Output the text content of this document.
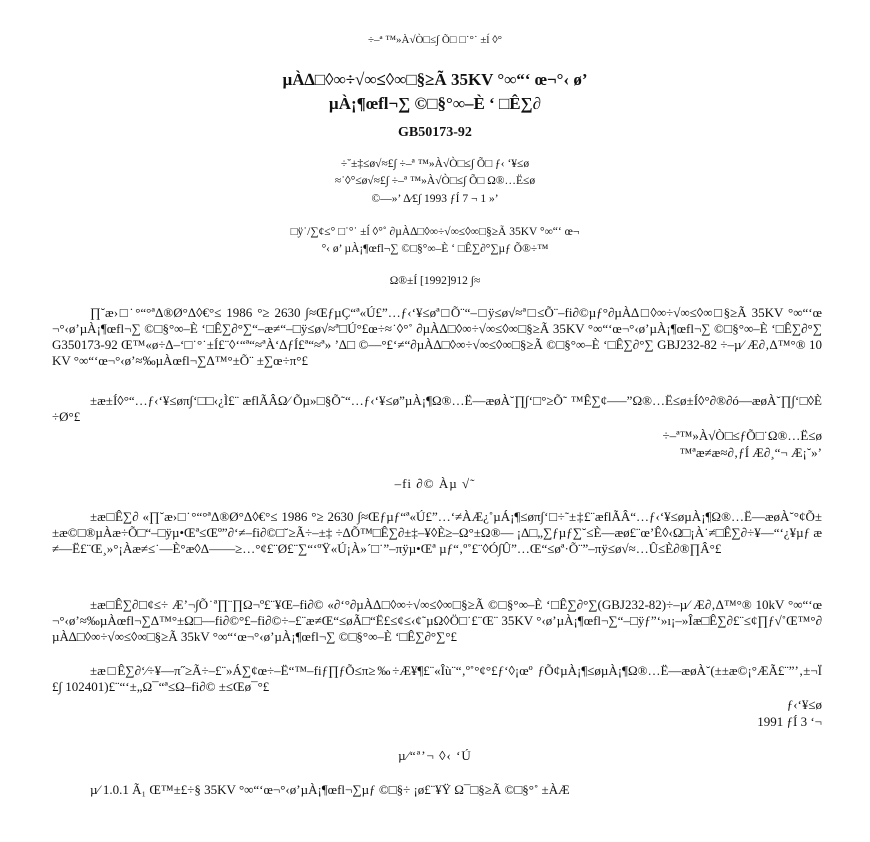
÷–ª ™»À√Ò□≤∫ Õ□ □˙°˙ ±ĺ ◊°
µÀ∆□◊∞÷√∞≤◊∞□§≥Ã 35KV °∞“‘ œ¬°‹ ø’
µÀ¡¶œfl¬∑ ©□§°∞–È ‘ □Ê∑∂
GB50173-92
÷˘±‡≤ø√≈£∫ ÷–ª ™»À√Ò□≤∫ Õ□ ƒ‹ ‘¥≤ø
≈˙◊°≤ø√≈£∫ ÷–ª ™»À√Ò□≤∫ Õ□ Ω®…Ë≤ø
©––»’ ∆⁄£∫ 1993 ƒÍ 7 ¬ 1 »’
□ÿ˙/∑¢≤° □˙°˙ ±ĺ ◊°˚ ∂µÀ∆□◊∞÷√∞≤◊∞□§≥Ã 35KV °∞“‘ œ¬
°‹ ø’ µÀ¡¶œfl¬∑ ©□§°∞–È ‘ □Ê∑∂°∑µƒ Õ®÷™
Ω®±Í [1992]912 ∫≈

∏˘æ›□˙°“°ªΔ®Ø°Δ◊€°≤ 1986 °≥ 2630 ∫≈ŒƒµÇ“ª«Ú£”…ƒ‹‘¥≤øª□Õ¨“–□ÿ≤ø√≈ª□≤Õ¨–fi∂©µƒ°∂µÀ∆□◊∞÷√∞≤◊∞□§≥Ã 35KV °∞“‘œ¬°‹ø’µÀ¡¶œfl¬∑ ©□§°∞–È ‘□Ê∑∂°∑“–æ≠“–□ÿ≤ø√≈ª□Ú°£œ÷≈˙◊°˚ ∂µÀ∆□◊∞÷√∞≤◊∞□§≥Ã 35KV °∞“‘œ¬°‹ø’µÀ¡¶œfl¬∑ ©□§°∞–È ‘□Ê∑∂°∑ G350173-92 Œ™«ø÷∆–‘□˙°˙±Í£¨◊‘“ª“≈ªÀ‘∆ƒÍ£ª“≈ª» ’∆□ ©––°£‘≠“∂µÀ∆□◊∞÷√∞≤◊∞□§≥Ã ©□§°∞–È ‘□Ê∑∂°∑ GBJ232-82 ÷–µ⁄ Æ∂‚Δ™°® 10KV °∞“‘œ¬°‹ø’≈‰µÀœfl¬∑Δ™°±Õ¨ ±∑œ÷π°£

±æ±Í◊°“…ƒ‹‘¥≤øπ∫‘□□‹¿Ì£¨ æflÃÂΩ⁄ Õµ»□§Õ˜“…ƒ‹‘¥≤ø”µÀ¡¶Ω®…Ë––æøÀ˘∏∫‘□°≥Õ˜ ™Ê∑¢–––”Ω®…Ë≤ø±Í◊°∂®∂ó––æøÀ˘∏∫‘□◊È÷Ø°£

÷–ª™»À√Ò□≤ƒÕ□˙Ω®…Ë≤ø
™ªæ≠æ≈∂‚ƒÍ Æ∂¸“¬ Æ¡˘»’
–fi ∂© Àµ √˜

±æ□Ê∑∂ «∏˘æ›□˙°“°ªΔ®Ø°Δ◊€°≤ 1986 °≥ 2630 ∫≈Œƒµƒ“ª«Ú£”…‘≠ÀÆ¿˚µÁ¡¶≤øπ∫‘□÷˜±‡£¨æflÃÂ“…ƒ‹‘¥≤øµÀ¡¶Ω®…Ë––æøÀ˘°¢Õ±±æ©□®µÀæ÷Õ□“–□ÿµ•Œª≤Œº”∂‘≠–fi∂©□˘≥Ã÷–±‡ ÷∆Õ™□Ê∑∂±‡–¥◊È≥–Ω°±Ω®–– ¡Δ□„∑ƒµƒ∑˘≤È––æø£¨œ’Ê◊‹Ω□¡À˙≠□Ê∑∂÷¥––“‘¿¥µƒ æ≠—Ë£¨Œ¸»°¡Àæ≠≤˙—È°æ◊Δ——≥…°¢£¨Ø£¨∑“‘ºŸ«Ú¡À»´□˙”–πÿµ•Œª µƒ“‚º˚£¨◊Ó∫Û”…Œ“≤øª·Õ¨”–πÿ≤ø√≈…Û≤È∂®∏Â°£

±æ□Ê∑∂□¢≤÷ Æ’¬∫Õ˙ª∏¨∏Ω¬º£¨¥Œ–fi∂© «∂‘°∂µÀ∆□◊∞÷√∞≤◊∞□§≥Ã ©□§°∞–È ‘□Ê∑∂°∑(GBJ232-82)÷–µ⁄ Æ∂‚Δ™°® 10kV °∞“‘œ¬°‹ø’≈‰µÀœfl¬∑Δ™°±Ω□––fi∂©°£–fi∂©÷–£¨æ≠Œ“≤øÃ□“Ë£≤¢≤‹¢˜µΩ◊Ö□˙£¨Œ¨ 35KV °‹ø’µÀ¡¶œfl¬∑“–□ÿƒ”‘»ı¡–»Îæ□Ê∑∂£¨≤¢∏ƒ√˚Œ™°∂µÀ∆□◊∞÷√∞≤◊∞□§≥Ã 35kV °∞“‘œ¬°‹ø’µÀ¡¶œfl¬∑ ©□§°∞–È ‘□Ê∑∂°∑°£

±æ□Ê∑∂‘⁄÷¥––π˝≥Ã÷–£¨»Á∑¢œ÷–Ë“™–fiƒ∏ƒÕ≤π≥‰÷Æ¥¶£¨«Îù¨“‚º˚°¢°£ƒ‘◊¡œº ƒÕ¢µÀ¡¶≤øµÀ¡¶Ω®…Ë––æøÀ˘(±±æ©¡°ÆÃ£¨”’‚±¬Ï£∫ 102401)£¨“‘±„Ω¯“ª≤Ω–fi∂© ±≤Œø¯°£

ƒ‹‘¥≤ø
1991 ƒÍ 3 ‘¬
µ⁄“ª’¬ ◊‹ ‘Ú
µ⁄ 1.0.1 Ã₁ Œ™±£÷§ 35KV °∞“‘œ¬°‹ø’µÀ¡¶œfl¬∑µƒ ©□§÷ ¡ø£¨¥Ÿ Ω¯□§≥Ã ©□§°˚ ±ÀÆ
